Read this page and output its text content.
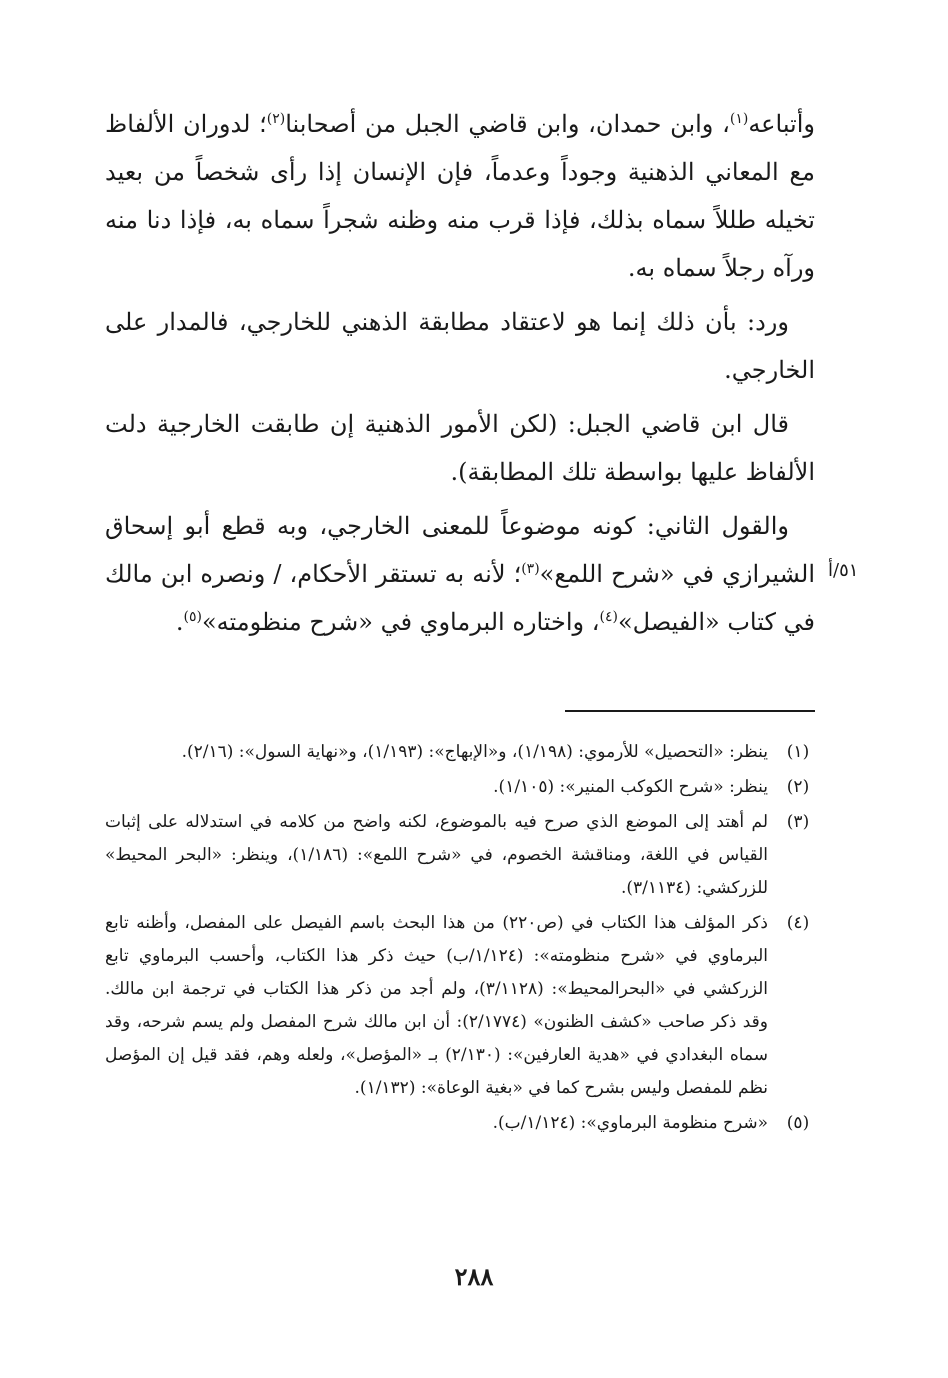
وأتباعه$^{(١)}$، وابن حمدان، وابن قاضي الجبل من أصحابنا$^{(٢)}$؛ لدوران الألفاظ مع المعاني الذهنية وجوداً وعدماً، فإن الإنسان إذا رأى شخصاً من بعيد تخيله طللاً سماه بذلك، فإذا قرب منه وظنه شجراً سماه به، فإذا دنا منه ورآه رجلاً سماه به.

ورد: بأن ذلك إنما هو لاعتقاد مطابقة الذهني للخارجي، فالمدار على الخارجي.

قال ابن قاضي الجبل: (لكن الأمور الذهنية إن طابقت الخارجية دلت الألفاظ عليها بواسطة تلك المطابقة).

والقول الثاني: كونه موضوعاً للمعنى الخارجي، وبه قطع أبو إسحاق الشيرازي في «شرح اللمع»$^{(٣)}$؛ لأنه به تستقر الأحكام، / ونصره ابن مالك في كتاب «الفيصل»$^{(٤)}$، واختاره البرماوي في «شرح منظومته»$^{(٥)}$.

٥١/أ
(١)
ينظر: «التحصيل» للأرموي: (١/١٩٨)، و«الإبهاج»: (١/١٩٣)، و«نهاية السول»: (٢/١٦).
(٢)
ينظر: «شرح الكوكب المنير»: (١/١٠٥).
(٣)
لم أهتد إلى الموضع الذي صرح فيه بالموضوع، لكنه واضح من كلامه في استدلاله على إثبات القياس في اللغة، ومناقشة الخصوم، في «شرح اللمع»: (١/١٨٦)، وينظر: «البحر المحيط» للزركشي: (٣/١١٣٤).
(٤)
ذكر المؤلف هذا الكتاب في (ص٢٢٠) من هذا البحث باسم الفيصل على المفصل، وأظنه تابع البرماوي في «شرح منظومته»: (١/١٢٤/ب) حيث ذكر هذا الكتاب، وأحسب البرماوي تابع الزركشي في «البحرالمحيط»: (٣/١١٢٨)، ولم أجد من ذكر هذا الكتاب في ترجمة ابن مالك. وقد ذكر صاحب «كشف الظنون» (٢/١٧٧٤): أن ابن مالك شرح المفصل ولم يسم شرحه، وقد سماه البغدادي في «هدية العارفين»: (٢/١٣٠) بـ «المؤصل»، ولعله وهم، فقد قيل إن المؤصل نظم للمفصل وليس بشرح كما في «بغية الوعاة»: (١/١٣٢).
(٥)
«شرح منظومة البرماوي»: (١/١٢٤/ب).
٢٨٨
